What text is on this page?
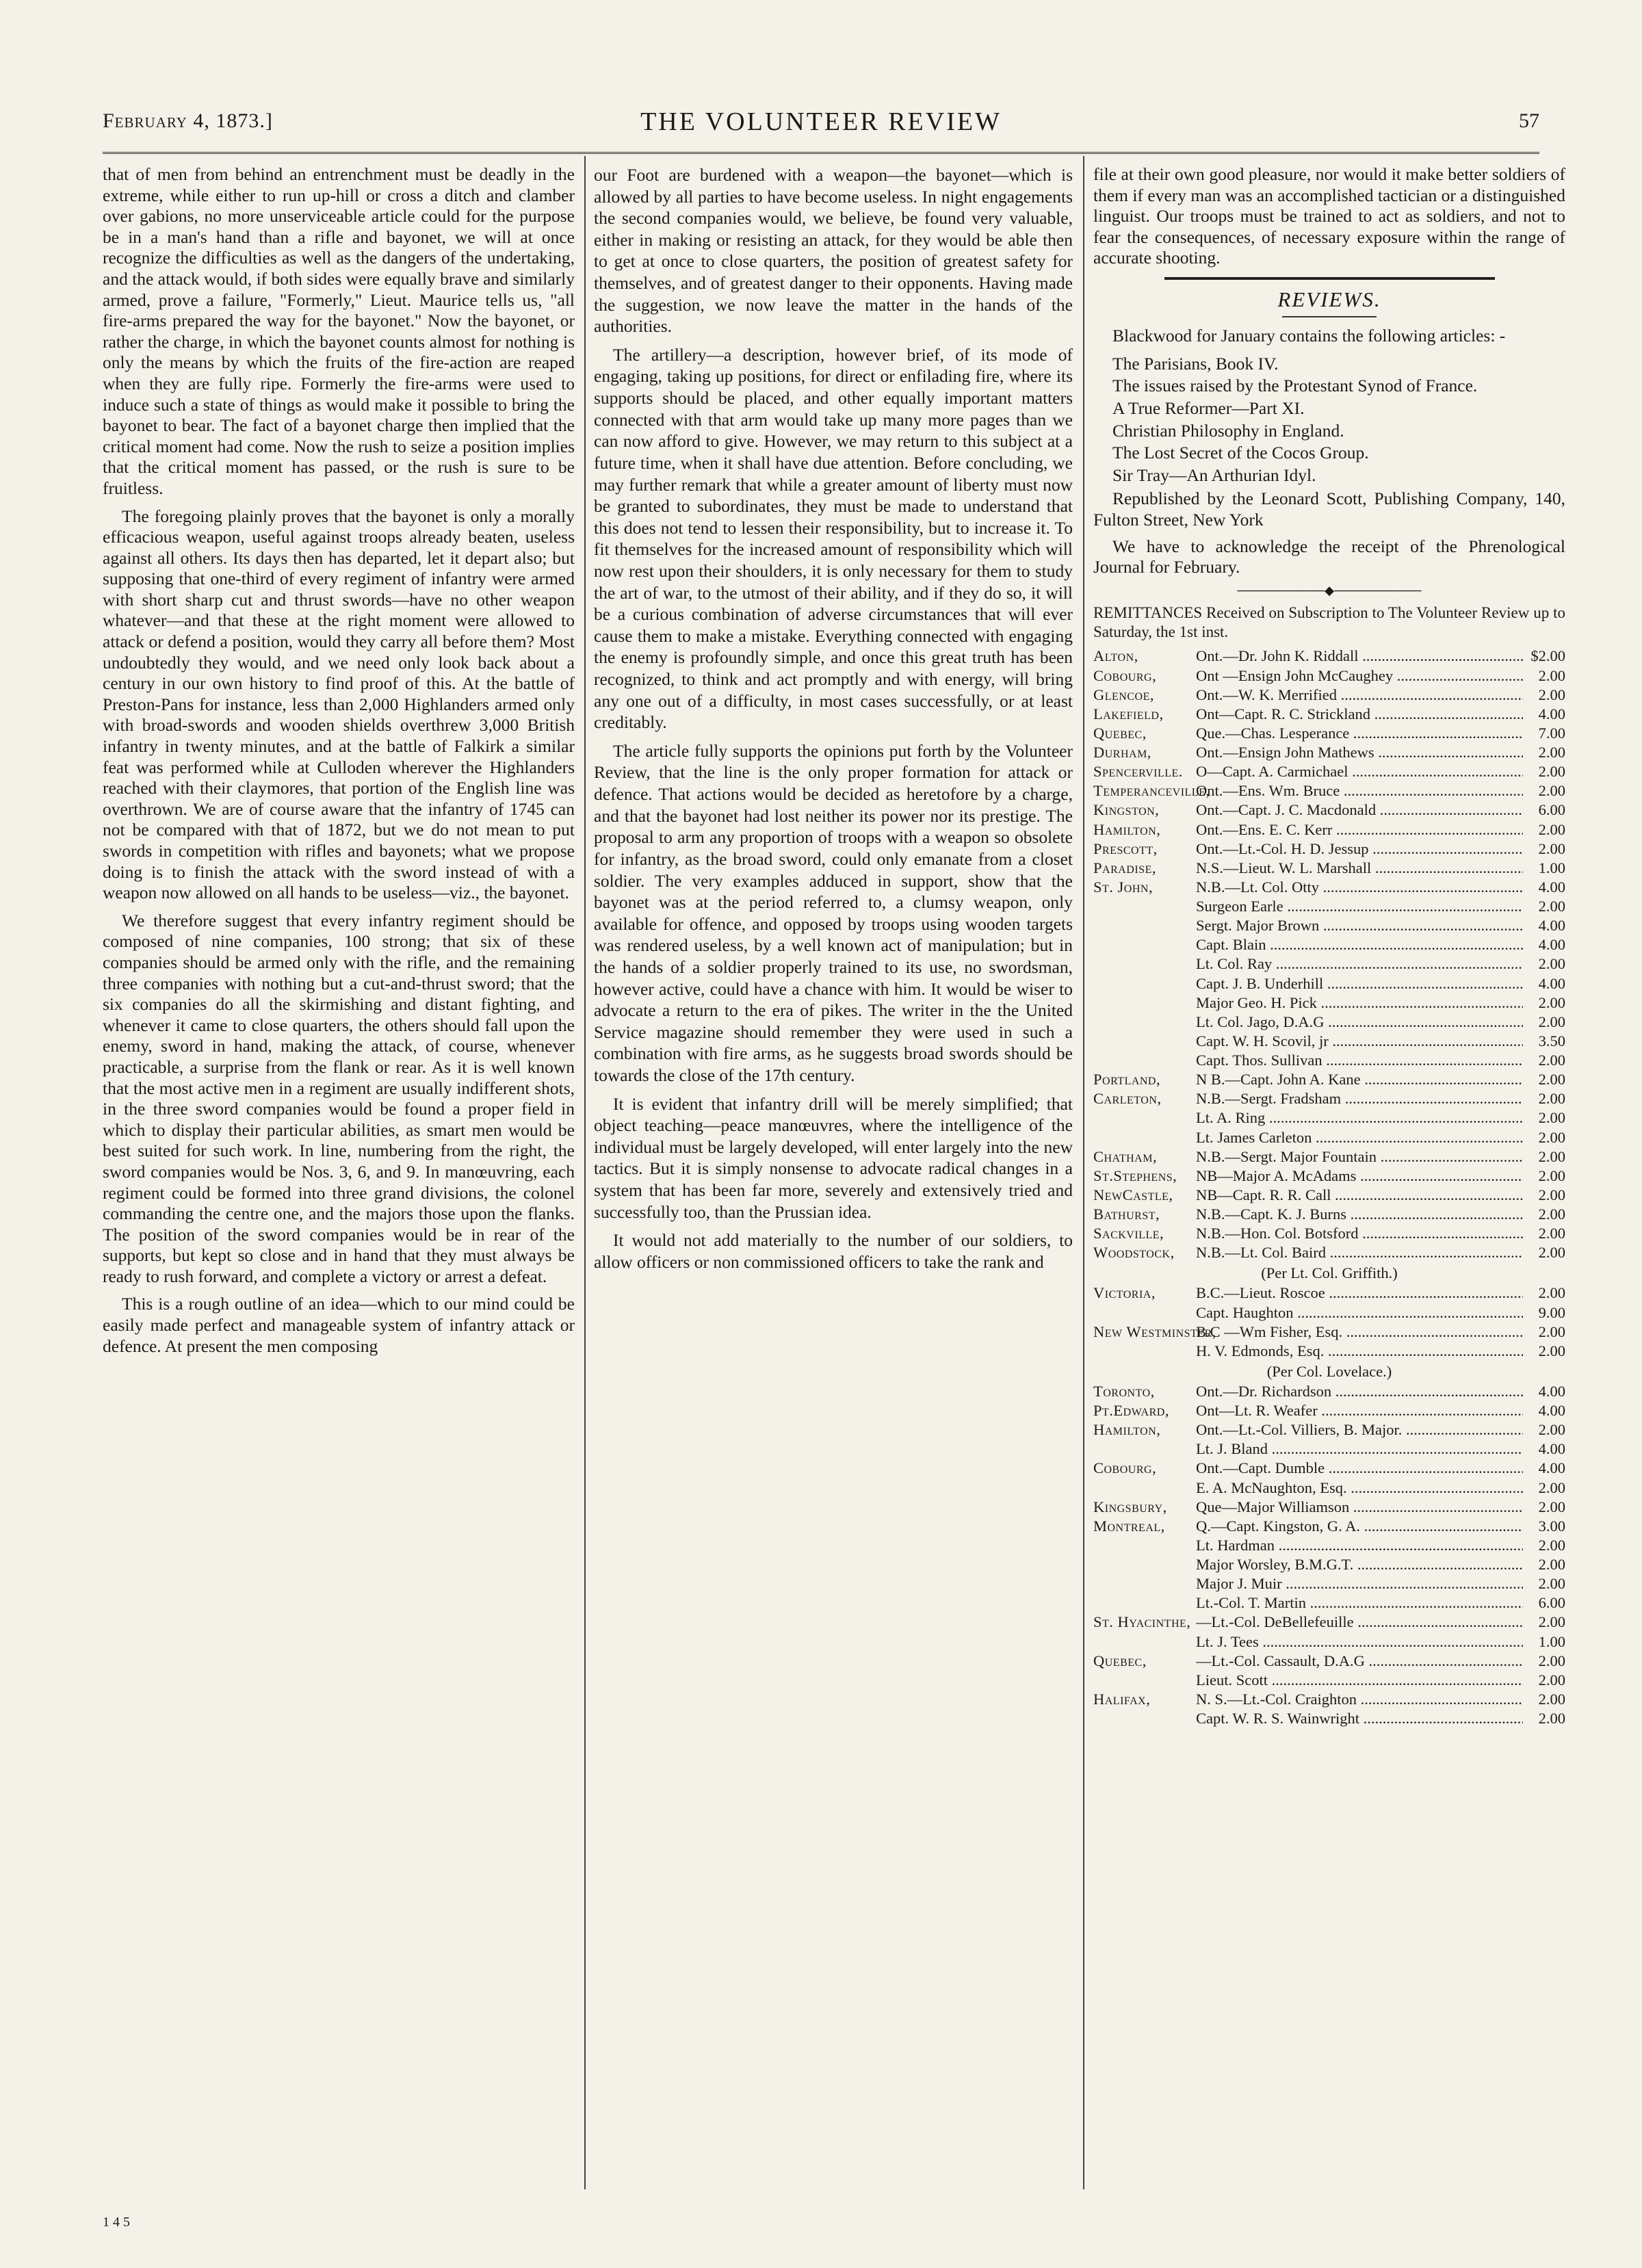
February 4, 1873.]	THE VOLUNTEER REVIEW	57

that of men from behind an entrenchment must be deadly in the extreme, while either to run up-hill or cross a ditch and clamber over gabions, no more unserviceable article could for the purpose be in a man's hand than a rifle and bayonet, we will at once recognize the difficulties as well as the dangers of the undertaking, and the attack would, if both sides were equally brave and similarly armed, prove a failure, "Formerly," Lieut. Maurice tells us, "all fire-arms prepared the way for the bayonet." Now the bayonet, or rather the charge, in which the bayonet counts almost for nothing is only the means by which the fruits of the fire-action are reaped when they are fully ripe. Formerly the fire-arms were used to induce such a state of things as would make it possible to bring the bayonet to bear. The fact of a bayonet charge then implied that the critical moment had come. Now the rush to seize a position implies that the critical moment has passed, or the rush is sure to be fruitless.

The foregoing plainly proves that the bayonet is only a morally efficacious weapon, useful against troops already beaten, useless against all others. Its days then has departed, let it depart also; but supposing that one-third of every regiment of infantry were armed with short sharp cut and thrust swords—have no other weapon whatever—and that these at the right moment were allowed to attack or defend a position, would they carry all before them? Most undoubtedly they would, and we need only look back about a century in our own history to find proof of this. At the battle of Preston-Pans for instance, less than 2,000 Highlanders armed only with broad-swords and wooden shields overthrew 3,000 British infantry in twenty minutes, and at the battle of Falkirk a similar feat was performed while at Culloden wherever the Highlanders reached with their claymores, that portion of the English line was overthrown. We are of course aware that the infantry of 1745 can not be compared with that of 1872, but we do not mean to put swords in competition with rifles and bayonets; what we propose doing is to finish the attack with the sword instead of with a weapon now allowed on all hands to be useless—viz., the bayonet.

We therefore suggest that every infantry regiment should be composed of nine companies, 100 strong; that six of these companies should be armed only with the rifle, and the remaining three companies with nothing but a cut-and-thrust sword; that the six companies do all the skirmishing and distant fighting, and whenever it came to close quarters, the others should fall upon the enemy, sword in hand, making the attack, of course, whenever practicable, a surprise from the flank or rear. As it is well known that the most active men in a regiment are usually indifferent shots, in the three sword companies would be found a proper field in which to display their particular abilities, as smart men would be best suited for such work. In line, numbering from the right, the sword companies would be Nos. 3, 6, and 9. In manœuvring, each regiment could be formed into three grand divisions, the colonel commanding the centre one, and the majors those upon the flanks. The position of the sword companies would be in rear of the supports, but kept so close and in hand that they must always be ready to rush forward, and complete a victory or arrest a defeat.

This is a rough outline of an idea—which to our mind could be easily made perfect and manageable system of infantry attack or defence. At present the men composing

our Foot are burdened with a weapon—the bayonet—which is allowed by all parties to have become useless. In night engagements the second companies would, we believe, be found very valuable, either in making or resisting an attack, for they would be able then to get at once to close quarters, the position of greatest safety for themselves, and of greatest danger to their opponents. Having made the suggestion, we now leave the matter in the hands of the authorities.

The artillery—a description, however brief, of its mode of engaging, taking up positions, for direct or enfilading fire, where its supports should be placed, and other equally important matters connected with that arm would take up many more pages than we can now afford to give. However, we may return to this subject at a future time, when it shall have due attention. Before concluding, we may further remark that while a greater amount of liberty must now be granted to subordinates, they must be made to understand that this does not tend to lessen their responsibility, but to increase it. To fit themselves for the increased amount of responsibility which will now rest upon their shoulders, it is only necessary for them to study the art of war, to the utmost of their ability, and if they do so, it will be a curious combination of adverse circumstances that will ever cause them to make a mistake. Everything connected with engaging the enemy is profoundly simple, and once this great truth has been recognized, to think and act promptly and with energy, will bring any one out of a difficulty, in most cases successfully, or at least creditably.

The article fully supports the opinions put forth by the Volunteer Review, that the line is the only proper formation for attack or defence. That actions would be decided as heretofore by a charge, and that the bayonet had lost neither its power nor its prestige. The proposal to arm any proportion of troops with a weapon so obsolete for infantry, as the broad sword, could only emanate from a closet soldier. The very examples adduced in support, show that the bayonet was at the period referred to, a clumsy weapon, only available for offence, and opposed by troops using wooden targets was rendered useless, by a well known act of manipulation; but in the hands of a soldier properly trained to its use, no swordsman, however active, could have a chance with him. It would be wiser to advocate a return to the era of pikes. The writer in the the United Service magazine should remember they were used in such a combination with fire arms, as he suggests broad swords should be towards the close of the 17th century.

It is evident that infantry drill will be merely simplified; that object teaching—peace manœuvres, where the intelligence of the individual must be largely developed, will enter largely into the new tactics. But it is simply nonsense to advocate radical changes in a system that has been far more, severely and extensively tried and successfully too, than the Prussian idea.

It would not add materially to the number of our soldiers, to allow officers or non commissioned officers to take the rank and

file at their own good pleasure, nor would it make better soldiers of them if every man was an accomplished tactician or a distinguished linguist. Our troops must be trained to act as soldiers, and not to fear the consequences, of necessary exposure within the range of accurate shooting.

REVIEWS.

Blackwood for January contains the following articles: -

The Parisians, Book IV.
The issues raised by the Protestant Synod of France.
A True Reformer—Part XI.
Christian Philosophy in England.
The Lost Secret of the Cocos Group.
Sir Tray—An Arthurian Idyl.

Republished by the Leonard Scott, Publishing Company, 140, Fulton Street, New York

We have to acknowledge the receipt of the Phrenological Journal for February.

──────────◆──────────

REMITTANCES Received on Subscription to The Volunteer Review up to Saturday, the 1st inst.

Alton,	Ont.—Dr. John K. Riddall .....	$2.00
Cobourg,	Ont —Ensign John McCaughey .....	2.00
Glencoe,	Ont.—W. K. Merrified .....	2.00
Lakefield,	Ont—Capt. R. C. Strickland .....	4.00
Quebec,	Que.—Chas. Lesperance .....	7.00
Durham,	Ont.—Ensign John Mathews .....	2.00
Spencerville. O—Capt. A. Carmichael .....	2.00
Temperanceville,
Ont.—Ens. Wm. Bruce .....	2.00
Kingston,	Ont.—Capt. J. C. Macdonald .....	6.00
Hamilton,	Ont.—Ens. E. C. Kerr .....	2.00
Prescott,	Ont.—Lt.-Col. H. D. Jessup .....	2.00
Paradise,	N.S.—Lieut. W. L. Marshall .....	1.00
St. John,	N.B.—Lt. Col. Otty .....	4.00
Surgeon Earle .....	2.00
Sergt. Major Brown .....	4.00
Capt. Blain .....	4.00
Lt. Col. Ray .....	2.00
Capt. J. B. Underhill .....	4.00
Major Geo. H. Pick .....	2.00
Lt. Col. Jago, D.A.G .....	2.00
Capt. W. H. Scovil, jr .....	3.50
Capt. Thos. Sullivan .....	2.00
Portland,	N B.—Capt. John A. Kane .....	2.00
Carleton,	N.B.—Sergt. Fradsham .....	2.00
Lt. A. Ring .....	2.00
Lt. James Carleton .....	2.00
Chatham,	N.B.—Sergt. Major Fountain .....	2.00
St.Stephens,	NB—Major A. McAdams .....	2.00
NewCastle,	NB—Capt. R. R. Call .....	2.00
Bathurst,	N.B.—Capt. K. J. Burns .....	2.00
Sackville,	N.B.—Hon. Col. Botsford .....	2.00
Woodstock,	N.B.—Lt. Col. Baird .....	2.00
(Per Lt. Col. Griffith.)
Victoria,	B.C.—Lieut. Roscoe .....	2.00
Capt. Haughton .....	9.00
New Westminster,
B.C —Wm Fisher, Esq. .....	2.00
H. V. Edmonds, Esq. .....	2.00
(Per Col. Lovelace.)
Toronto,	Ont.—Dr. Richardson .....	4.00
Pt.Edward,	Ont—Lt. R. Weafer .....	4.00
Hamilton,	Ont.—Lt.-Col. Villiers, B. Major. .....	2.00
Lt. J. Bland .....	4.00
Cobourg,	Ont.—Capt. Dumble .....	4.00
E. A. McNaughton, Esq. .....	2.00
Kingsbury,	Que—Major Williamson .....	2.00
Montreal,	Q.—Capt. Kingston, G. A. .....	3.00
Lt. Hardman .....	2.00
Major Worsley, B.M.G.T. .....	2.00
Major J. Muir .....	2.00
Lt.-Col. T. Martin .....	6.00
St. Hyacinthe, —Lt.-Col. DeBellefeuille .....	2.00
Lt. J. Tees .....	1.00
Quebec,	—Lt.-Col. Cassault, D.A.G .....	2.00
Lieut. Scott .....	2.00
Halifax,	N. S.—Lt.-Col. Craighton .....	2.00
Capt. W. R. S. Wainwright .....	2.00
1 4 5
